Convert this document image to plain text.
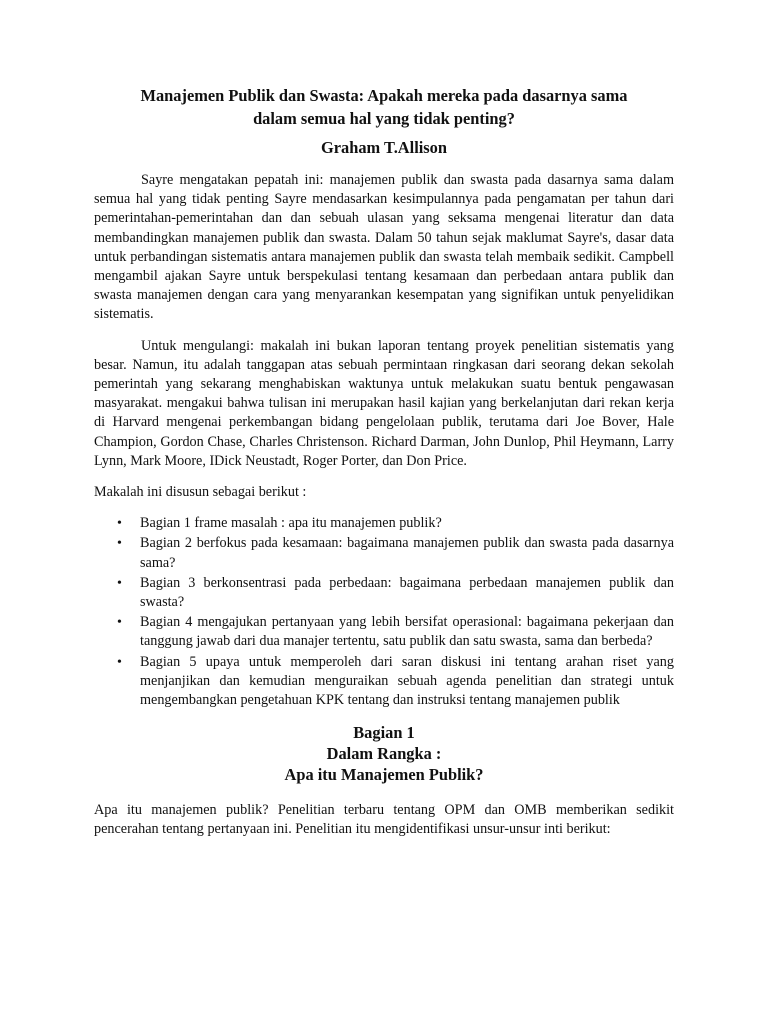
Manajemen Publik dan Swasta: Apakah mereka pada dasarnya sama
dalam semua hal yang tidak penting?
Graham T.Allison

Sayre mengatakan pepatah ini: manajemen publik dan swasta pada dasarnya sama dalam semua hal yang tidak penting Sayre mendasarkan kesimpulannya pada pengamatan per tahun dari pemerintahan-pemerintahan dan dan sebuah ulasan yang seksama mengenai literatur dan data membandingkan manajemen publik dan swasta. Dalam 50 tahun sejak maklumat Sayre's, dasar data untuk perbandingan sistematis antara manajemen publik dan swasta telah membaik sedikit. Campbell mengambil ajakan Sayre untuk berspekulasi tentang kesamaan dan perbedaan antara publik dan swasta manajemen dengan cara yang menyarankan kesempatan yang signifikan untuk penyelidikan sistematis.

Untuk mengulangi: makalah ini bukan laporan tentang proyek penelitian sistematis yang besar. Namun, itu adalah tanggapan atas sebuah permintaan ringkasan dari seorang dekan sekolah pemerintah yang sekarang menghabiskan waktunya untuk melakukan suatu bentuk pengawasan masyarakat. mengakui bahwa tulisan ini merupakan hasil kajian yang berkelanjutan dari rekan kerja di Harvard mengenai perkembangan bidang pengelolaan publik, terutama dari Joe Bover, Hale Champion, Gordon Chase, Charles Christenson. Richard Darman, John Dunlop, Phil Heymann, Larry Lynn, Mark Moore, IDick Neustadt, Roger Porter, dan Don Price.

Makalah ini disusun sebagai berikut :

• Bagian 1 frame masalah : apa itu manajemen publik?
• Bagian 2 berfokus pada kesamaan: bagaimana manajemen publik dan swasta pada dasarnya sama?
• Bagian 3 berkonsentrasi pada perbedaan: bagaimana perbedaan manajemen publik dan swasta?
• Bagian 4 mengajukan pertanyaan yang lebih bersifat operasional: bagaimana pekerjaan dan tanggung jawab dari dua manajer tertentu, satu publik dan satu swasta, sama dan berbeda?
• Bagian 5 upaya untuk memperoleh dari saran diskusi ini tentang arahan riset yang menjanjikan dan kemudian menguraikan sebuah agenda penelitian dan strategi untuk mengembangkan pengetahuan KPK tentang dan instruksi tentang manajemen publik
Bagian 1
Dalam Rangka :
Apa itu Manajemen Publik?

Apa itu manajemen publik? Penelitian terbaru tentang OPM dan OMB memberikan sedikit pencerahan tentang pertanyaan ini. Penelitian itu mengidentifikasi unsur-unsur inti berikut:
